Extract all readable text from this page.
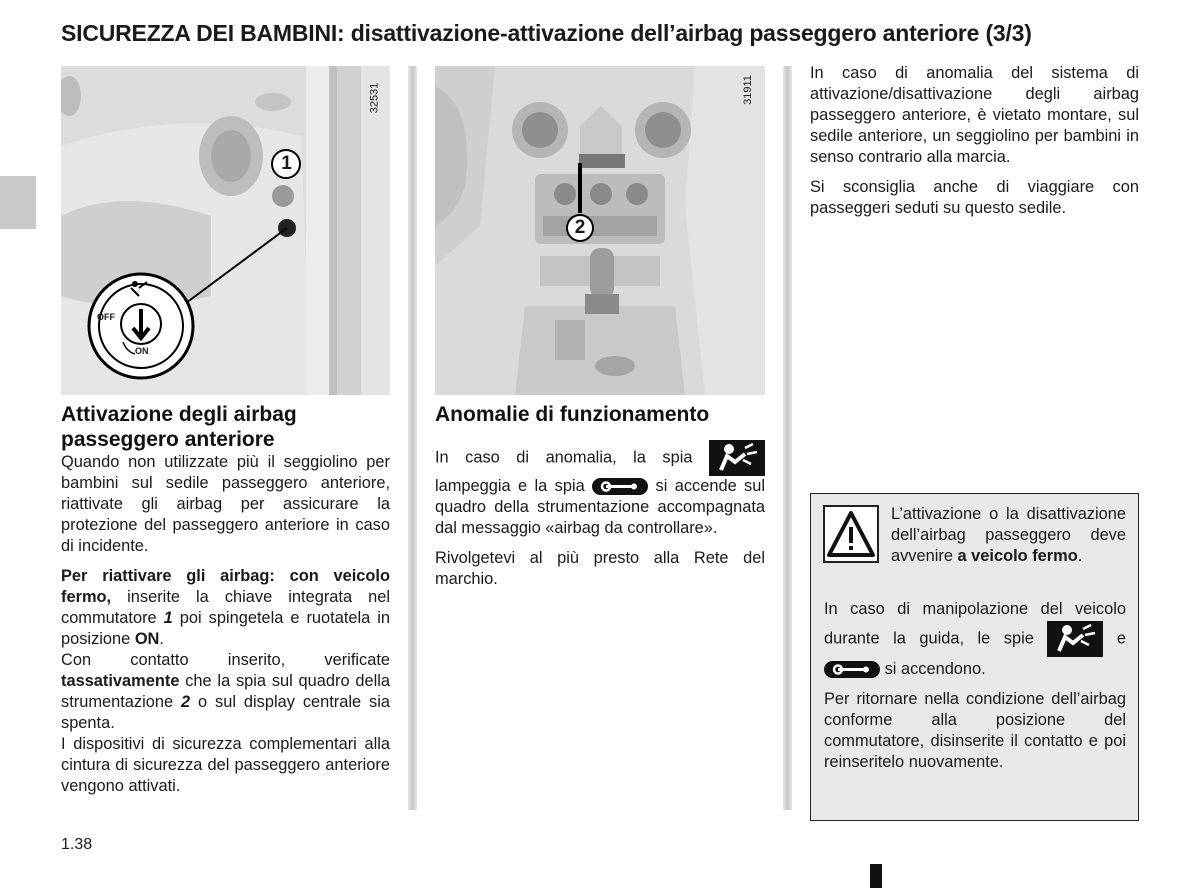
SICUREZZA DEI BAMBINI: disattivazione-attivazione dell’airbag passeggero anteriore (3/3)
1
OFF
ON
32531
2
31911
Attivazione degli airbag
passeggero anteriore

Quando non utilizzate più il seggiolino per bambini sul sedile passeggero anteriore, riattivate gli airbag per assicurare la protezione del passeggero anteriore in caso di incidente.

Per riattivare gli airbag: con veicolo fermo, inserite la chiave integrata nel commutatore 1 poi spingetela e ruotatela in posizione ON.

Con contatto inserito, verificate tassativamente che la spia sul quadro della strumentazione 2 o sul display centrale sia spenta.

I dispositivi di sicurezza complementari alla cintura di sicurezza del passeggero anteriore vengono attivati.

Anomalie di funzionamento

In caso di anomalia, la spia  lampeggia e la spia	si accende sul quadro della strumentazione accompagnata dal messaggio «airbag da controllare».

Rivolgetevi al più presto alla Rete del marchio.

In caso di anomalia del sistema di attivazione/disattivazione degli airbag passeggero anteriore, è vietato montare, sul sedile anteriore, un seggiolino per bambini in senso contrario alla marcia.

Si sconsiglia anche di viaggiare con passeggeri seduti su questo sedile.

L’attivazione o la disattivazione dell’airbag passeggero deve avvenire a veicolo fermo.

In caso di manipolazione del veicolo durante la guida, le spie	e  si accendono.

Per ritornare nella condizione dell’airbag conforme alla posizione del commutatore, disinserite il contatto e poi reinseritelo nuovamente.

1.38
